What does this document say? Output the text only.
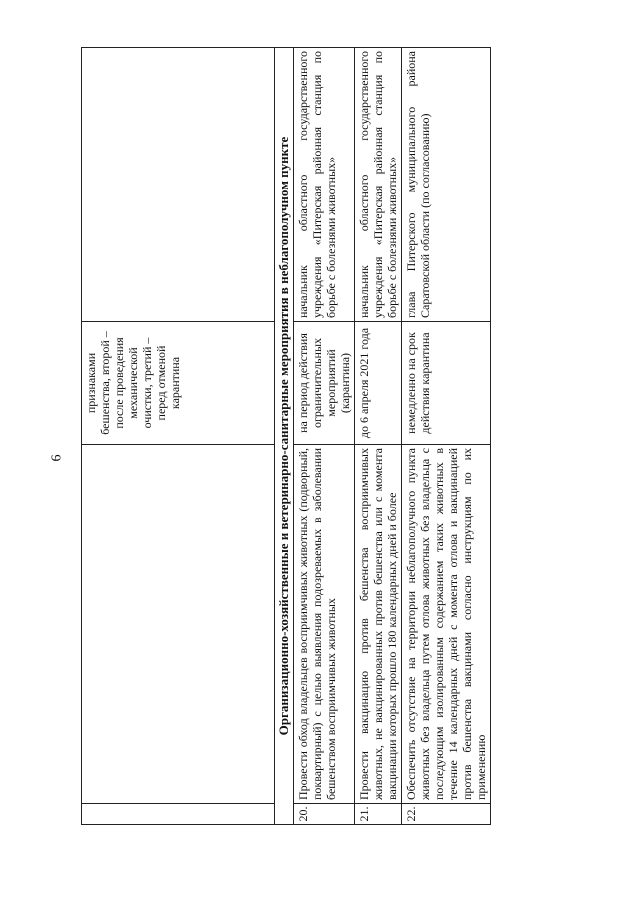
6
		признаками бешенства, второй – после проведения механической очистки, третий – перед отменой карантина	
Организационно-хозяйственные и ветеринарно-санитарные мероприятия в неблагополучном пункте			
20.	Провести обход владельцев восприимчивых животных (подворный, поквартирный) с целью выявления подозреваемых в заболевании бешенством восприимчивых животных	на период действия ограничительных мероприятий (карантина)	начальник областного государственного учреждения «Питерская районная станция по борьбе с болезнями животных»
21.	Провести вакцинацию против бешенства восприимчивых животных, не вакцинированных против бешенства или с момента вакцинации которых прошло 180 календарных дней и более	до 6 апреля 2021 года	начальник областного государственного учреждения «Питерская районная станция по борьбе с болезнями животных»
22.	Обеспечить отсутствие на территории неблагополучного пункта животных без владельца путем отлова животных без владельца с последующим изолированным содержанием таких животных в течение 14 календарных дней с момента отлова и вакцинацией против бешенства вакцинами согласно инструкциям по их применению	немедленно на срок действия карантина	глава Питерского муниципального района Саратовской области (по согласованию)
